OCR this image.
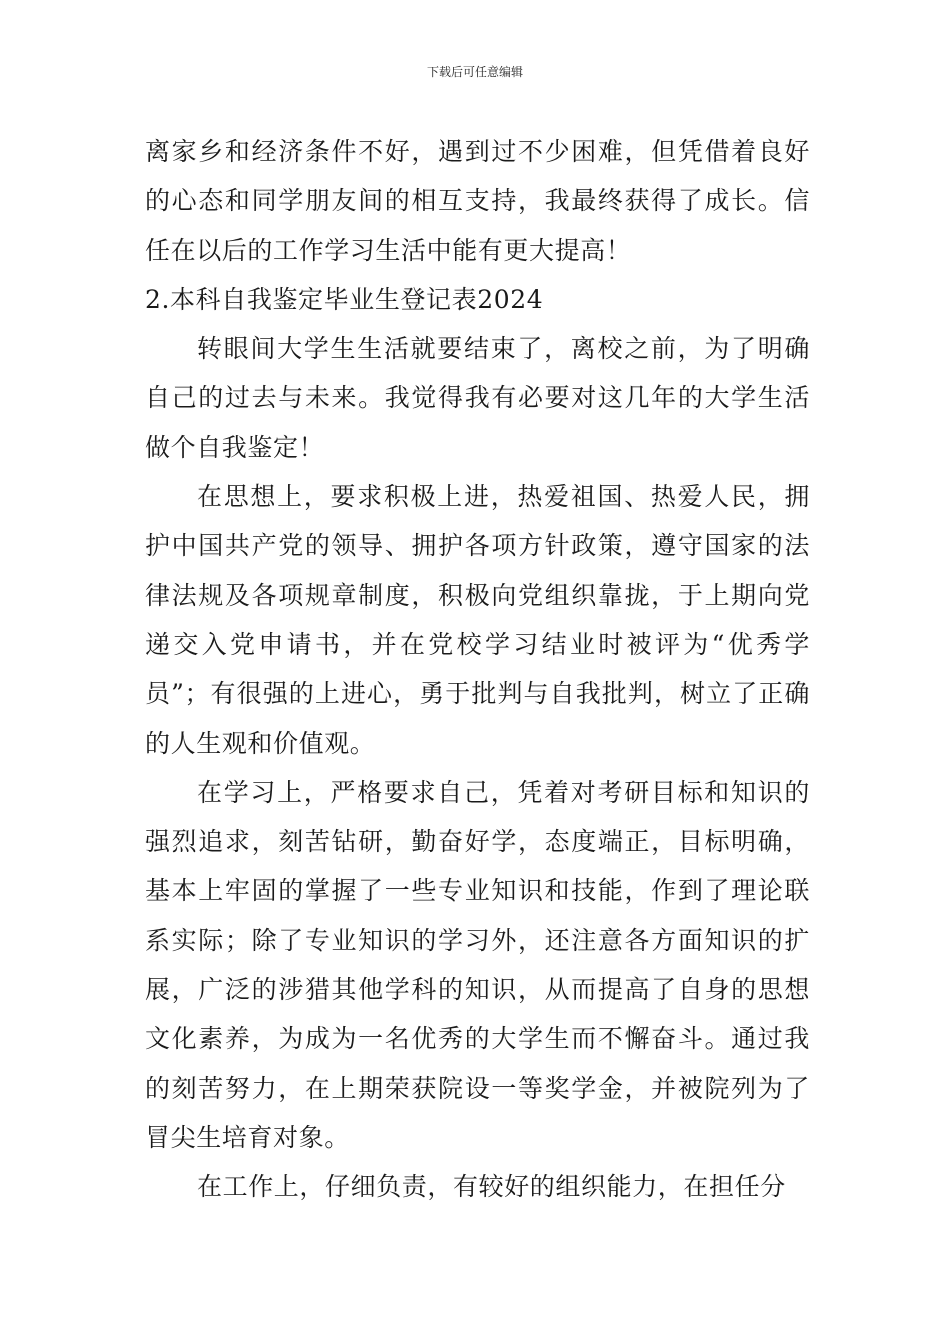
下载后可任意编辑

离家乡和经济条件不好，遇到过不少困难，但凭借着良好的心态和同学朋友间的相互支持，我最终获得了成长。信任在以后的工作学习生活中能有更大提高！

2.本科自我鉴定毕业生登记表2024

转眼间大学生生活就要结束了，离校之前，为了明确自己的过去与未来。我觉得我有必要对这几年的大学生活做个自我鉴定！

在思想上，要求积极上进，热爱祖国、热爱人民，拥护中国共产党的领导、拥护各项方针政策，遵守国家的法律法规及各项规章制度，积极向党组织靠拢，于上期向党递交入党申请书，并在党校学习结业时被评为“优秀学员”；有很强的上进心，勇于批判与自我批判，树立了正确的人生观和价值观。

在学习上，严格要求自己，凭着对考研目标和知识的强烈追求，刻苦钻研，勤奋好学，态度端正，目标明确，基本上牢固的掌握了一些专业知识和技能，作到了理论联系实际；除了专业知识的学习外，还注意各方面知识的扩展，广泛的涉猎其他学科的知识，从而提高了自身的思想文化素养，为成为一名优秀的大学生而不懈奋斗。通过我的刻苦努力，在上期荣获院设一等奖学金，并被院列为了冒尖生培育对象。

在工作上，仔细负责，有较好的组织能力，在担任分
